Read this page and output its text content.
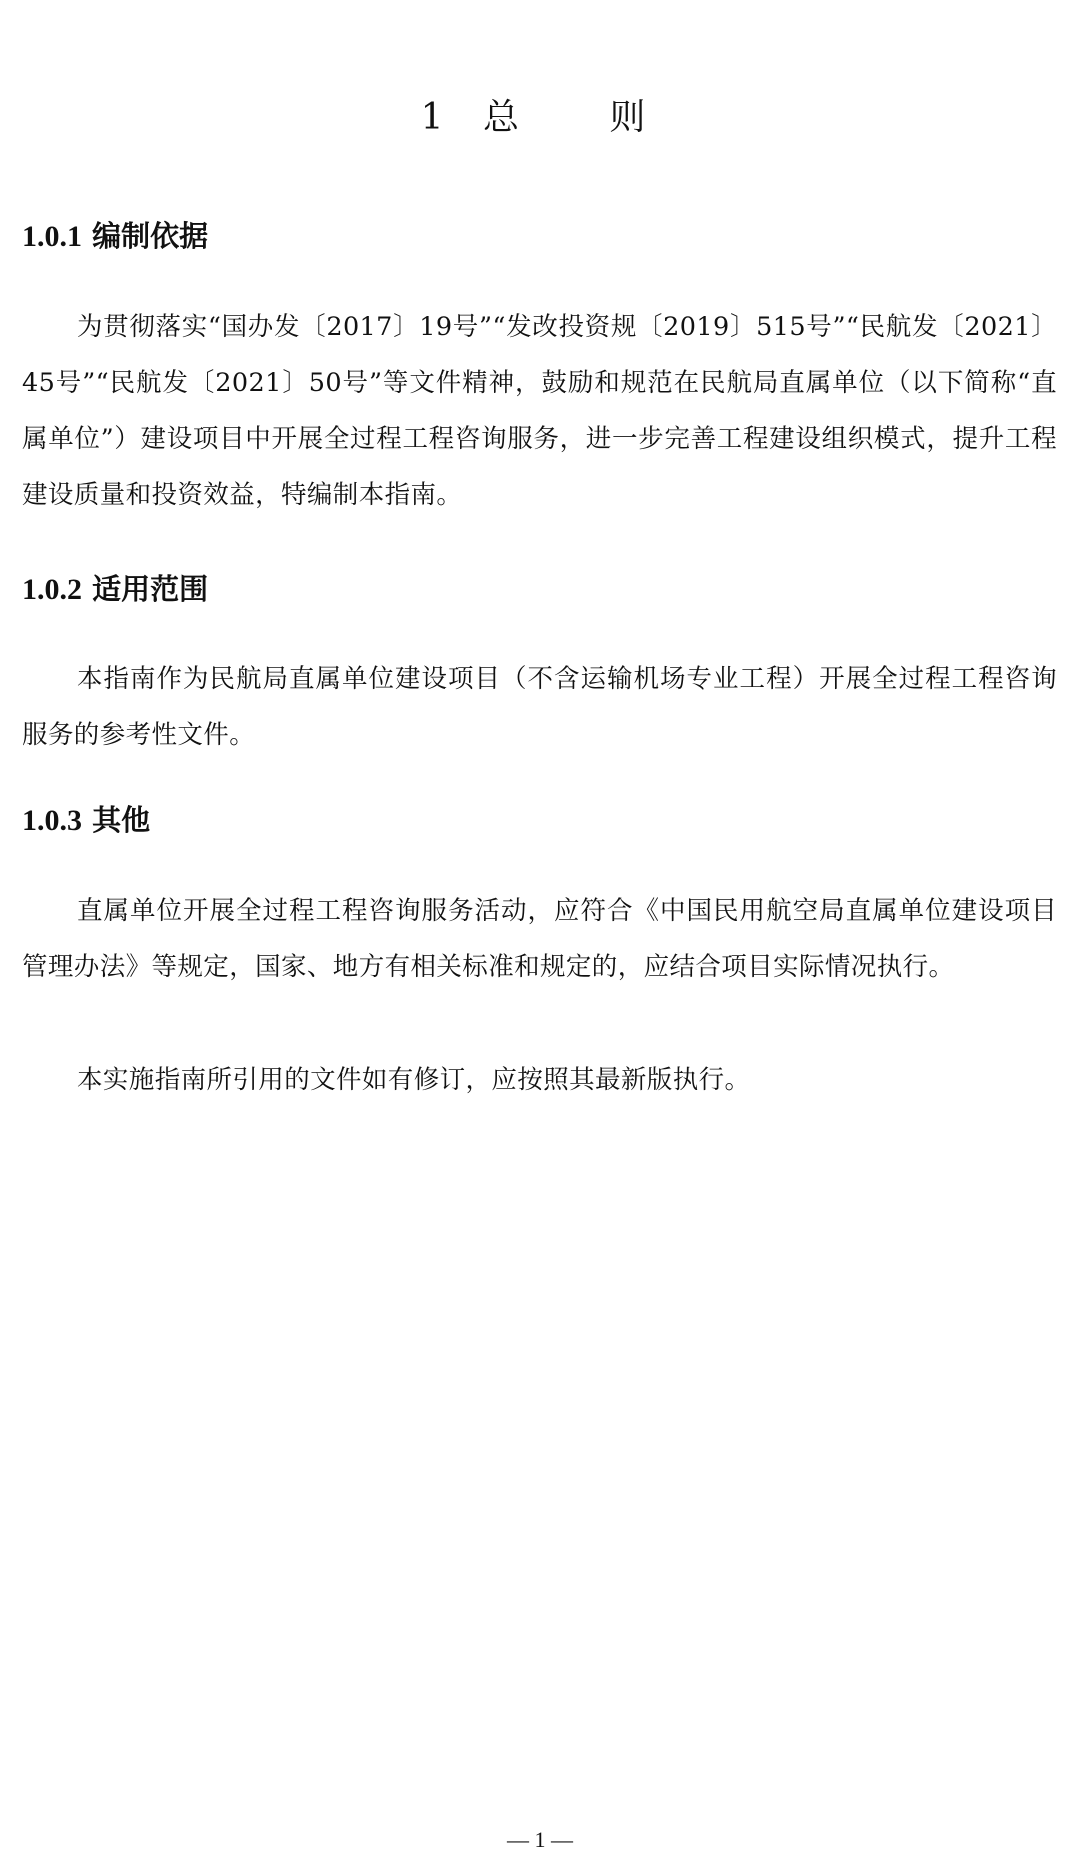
1 总   则
1.0.1 编制依据

为贯彻落实“国办发〔2017〕19号”“发改投资规〔2019〕515号”“民航发〔2021〕45号”“民航发〔2021〕50号”等文件精神，鼓励和规范在民航局直属单位（以下简称“直属单位”）建设项目中开展全过程工程咨询服务，进一步完善工程建设组织模式，提升工程建设质量和投资效益，特编制本指南。

1.0.2 适用范围

本指南作为民航局直属单位建设项目（不含运输机场专业工程）开展全过程工程咨询服务的参考性文件。

1.0.3 其他

直属单位开展全过程工程咨询服务活动，应符合《中国民用航空局直属单位建设项目管理办法》等规定，国家、地方有相关标准和规定的，应结合项目实际情况执行。

本实施指南所引用的文件如有修订，应按照其最新版执行。

— 1 —
